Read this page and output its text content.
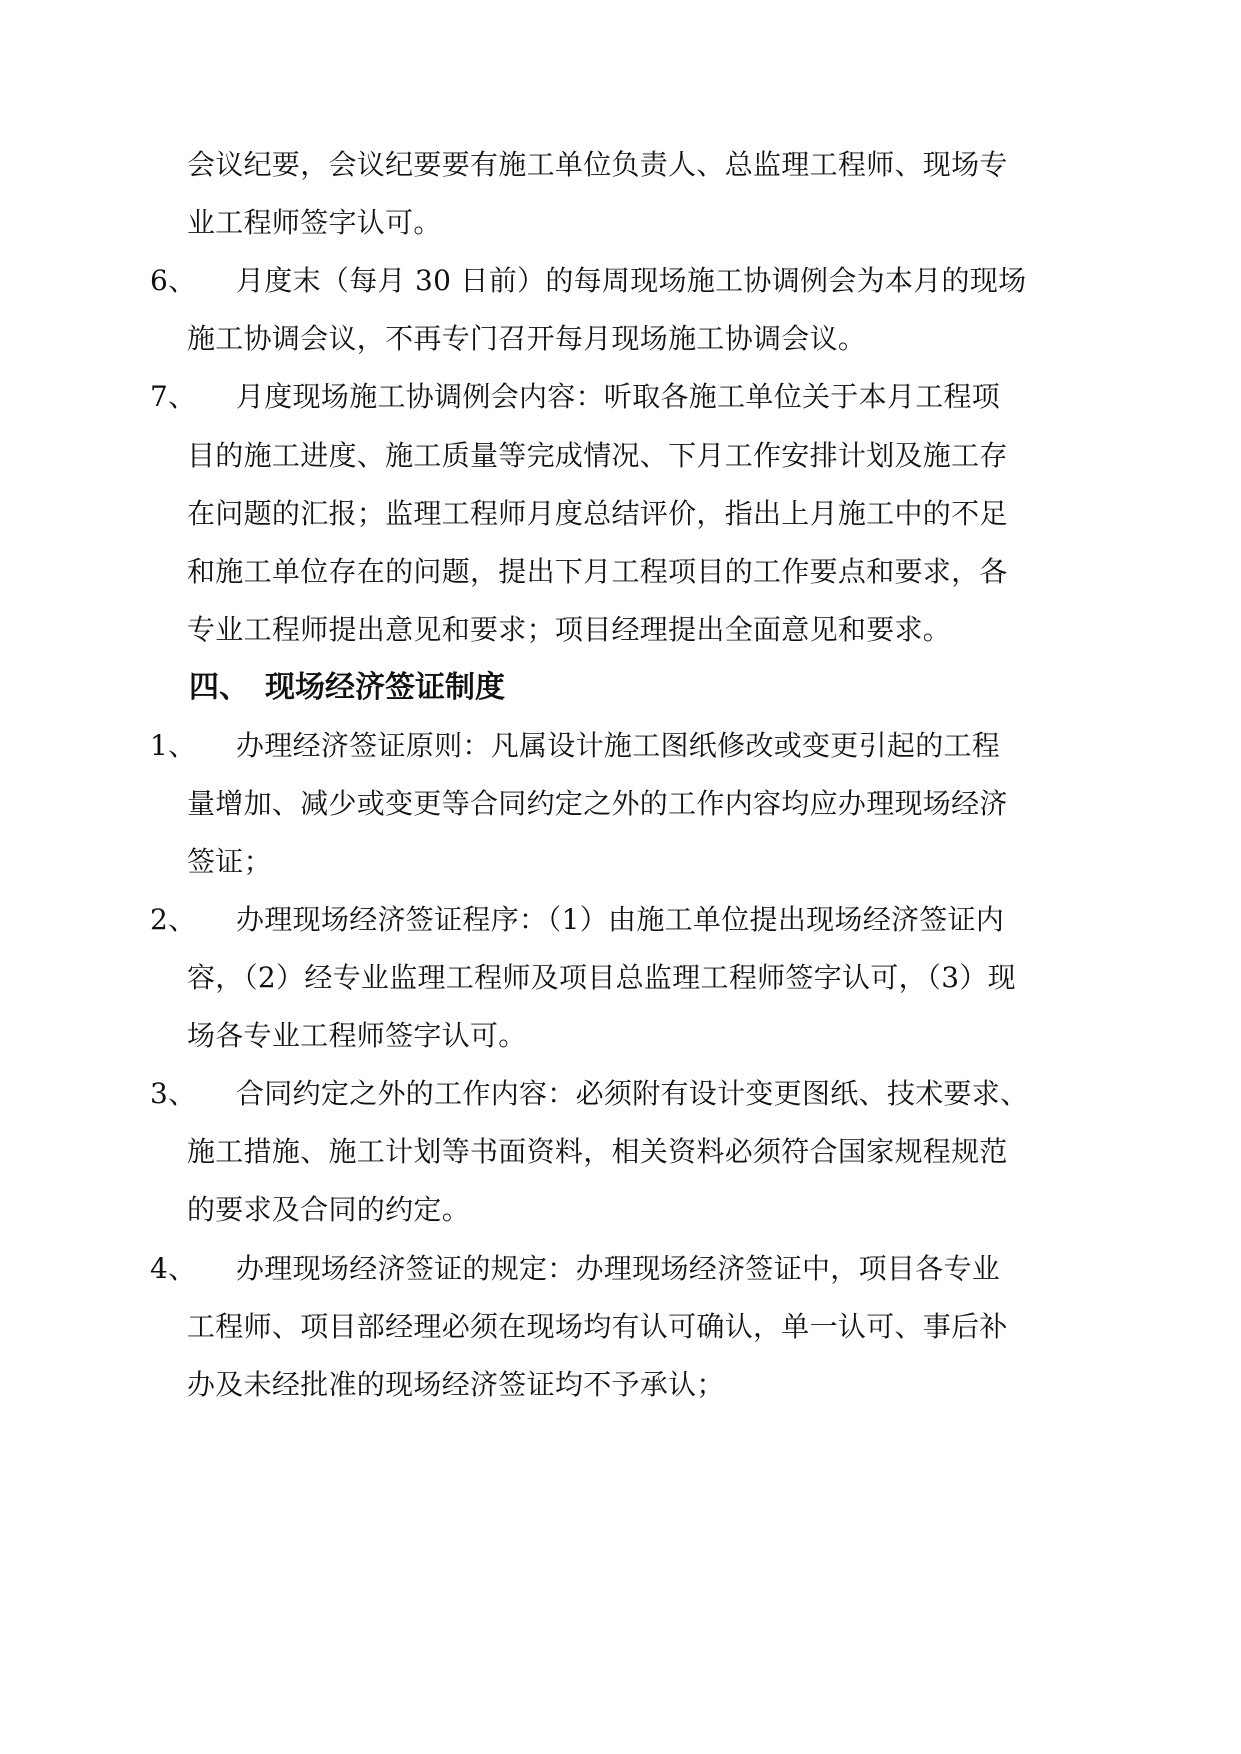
会议纪要，会议纪要要有施工单位负责人、总监理工程师、现场专
业工程师签字认可。
6、 月度末（每月 30 日前）的每周现场施工协调例会为本月的现场
施工协调会议，不再专门召开每月现场施工协调会议。
7、 月度现场施工协调例会内容：听取各施工单位关于本月工程项
目的施工进度、施工质量等完成情况、下月工作安排计划及施工存
在问题的汇报；监理工程师月度总结评价，指出上月施工中的不足
和施工单位存在的问题，提出下月工程项目的工作要点和要求，各
专业工程师提出意见和要求；项目经理提出全面意见和要求。
四、 现场经济签证制度
1、 办理经济签证原则：凡属设计施工图纸修改或变更引起的工程
量增加、减少或变更等合同约定之外的工作内容均应办理现场经济
签证；
2、 办理现场经济签证程序：（1）由施工单位提出现场经济签证内
容，（2）经专业监理工程师及项目总监理工程师签字认可，（3）现
场各专业工程师签字认可。
3、 合同约定之外的工作内容：必须附有设计变更图纸、技术要求、
施工措施、施工计划等书面资料，相关资料必须符合国家规程规范
的要求及合同的约定。
4、 办理现场经济签证的规定：办理现场经济签证中，项目各专业
工程师、项目部经理必须在现场均有认可确认，单一认可、事后补
办及未经批准的现场经济签证均不予承认；
